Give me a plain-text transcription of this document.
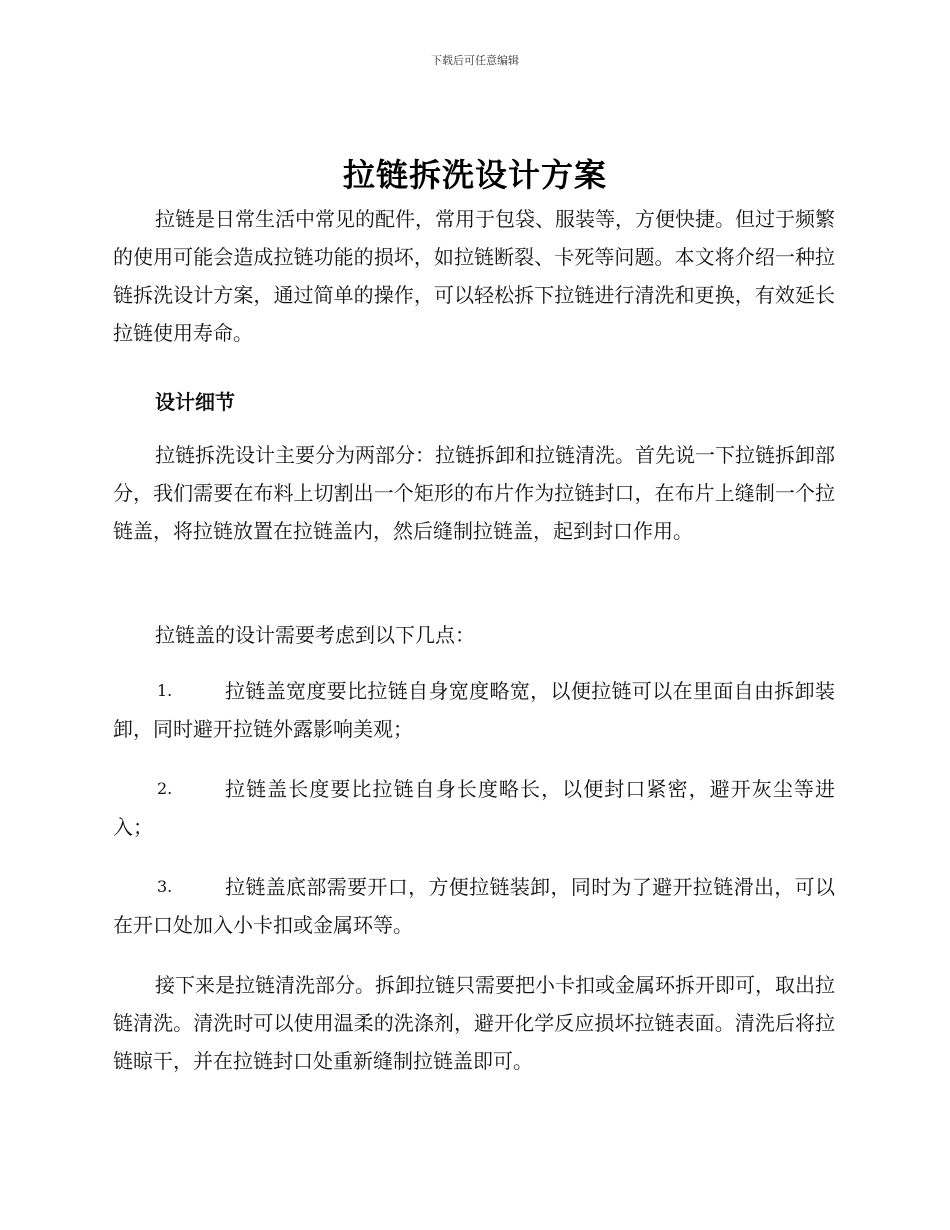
下载后可任意编辑
拉链拆洗设计方案

拉链是日常生活中常见的配件，常用于包袋、服装等，方便快捷。但过于频繁的使用可能会造成拉链功能的损坏，如拉链断裂、卡死等问题。本文将介绍一种拉链拆洗设计方案，通过简单的操作，可以轻松拆下拉链进行清洗和更换，有效延长拉链使用寿命。

设计细节

拉链拆洗设计主要分为两部分：拉链拆卸和拉链清洗。首先说一下拉链拆卸部分，我们需要在布料上切割出一个矩形的布片作为拉链封口，在布片上缝制一个拉链盖，将拉链放置在拉链盖内，然后缝制拉链盖，起到封口作用。

拉链盖的设计需要考虑到以下几点：

1.	拉链盖宽度要比拉链自身宽度略宽，以便拉链可以在里面自由拆卸装卸，同时避开拉链外露影响美观；

2.	拉链盖长度要比拉链自身长度略长，以便封口紧密，避开灰尘等进入；

3.	拉链盖底部需要开口，方便拉链装卸，同时为了避开拉链滑出，可以在开口处加入小卡扣或金属环等。

接下来是拉链清洗部分。拆卸拉链只需要把小卡扣或金属环拆开即可，取出拉链清洗。清洗时可以使用温柔的洗涤剂，避开化学反应损坏拉链表面。清洗后将拉链晾干，并在拉链封口处重新缝制拉链盖即可。
